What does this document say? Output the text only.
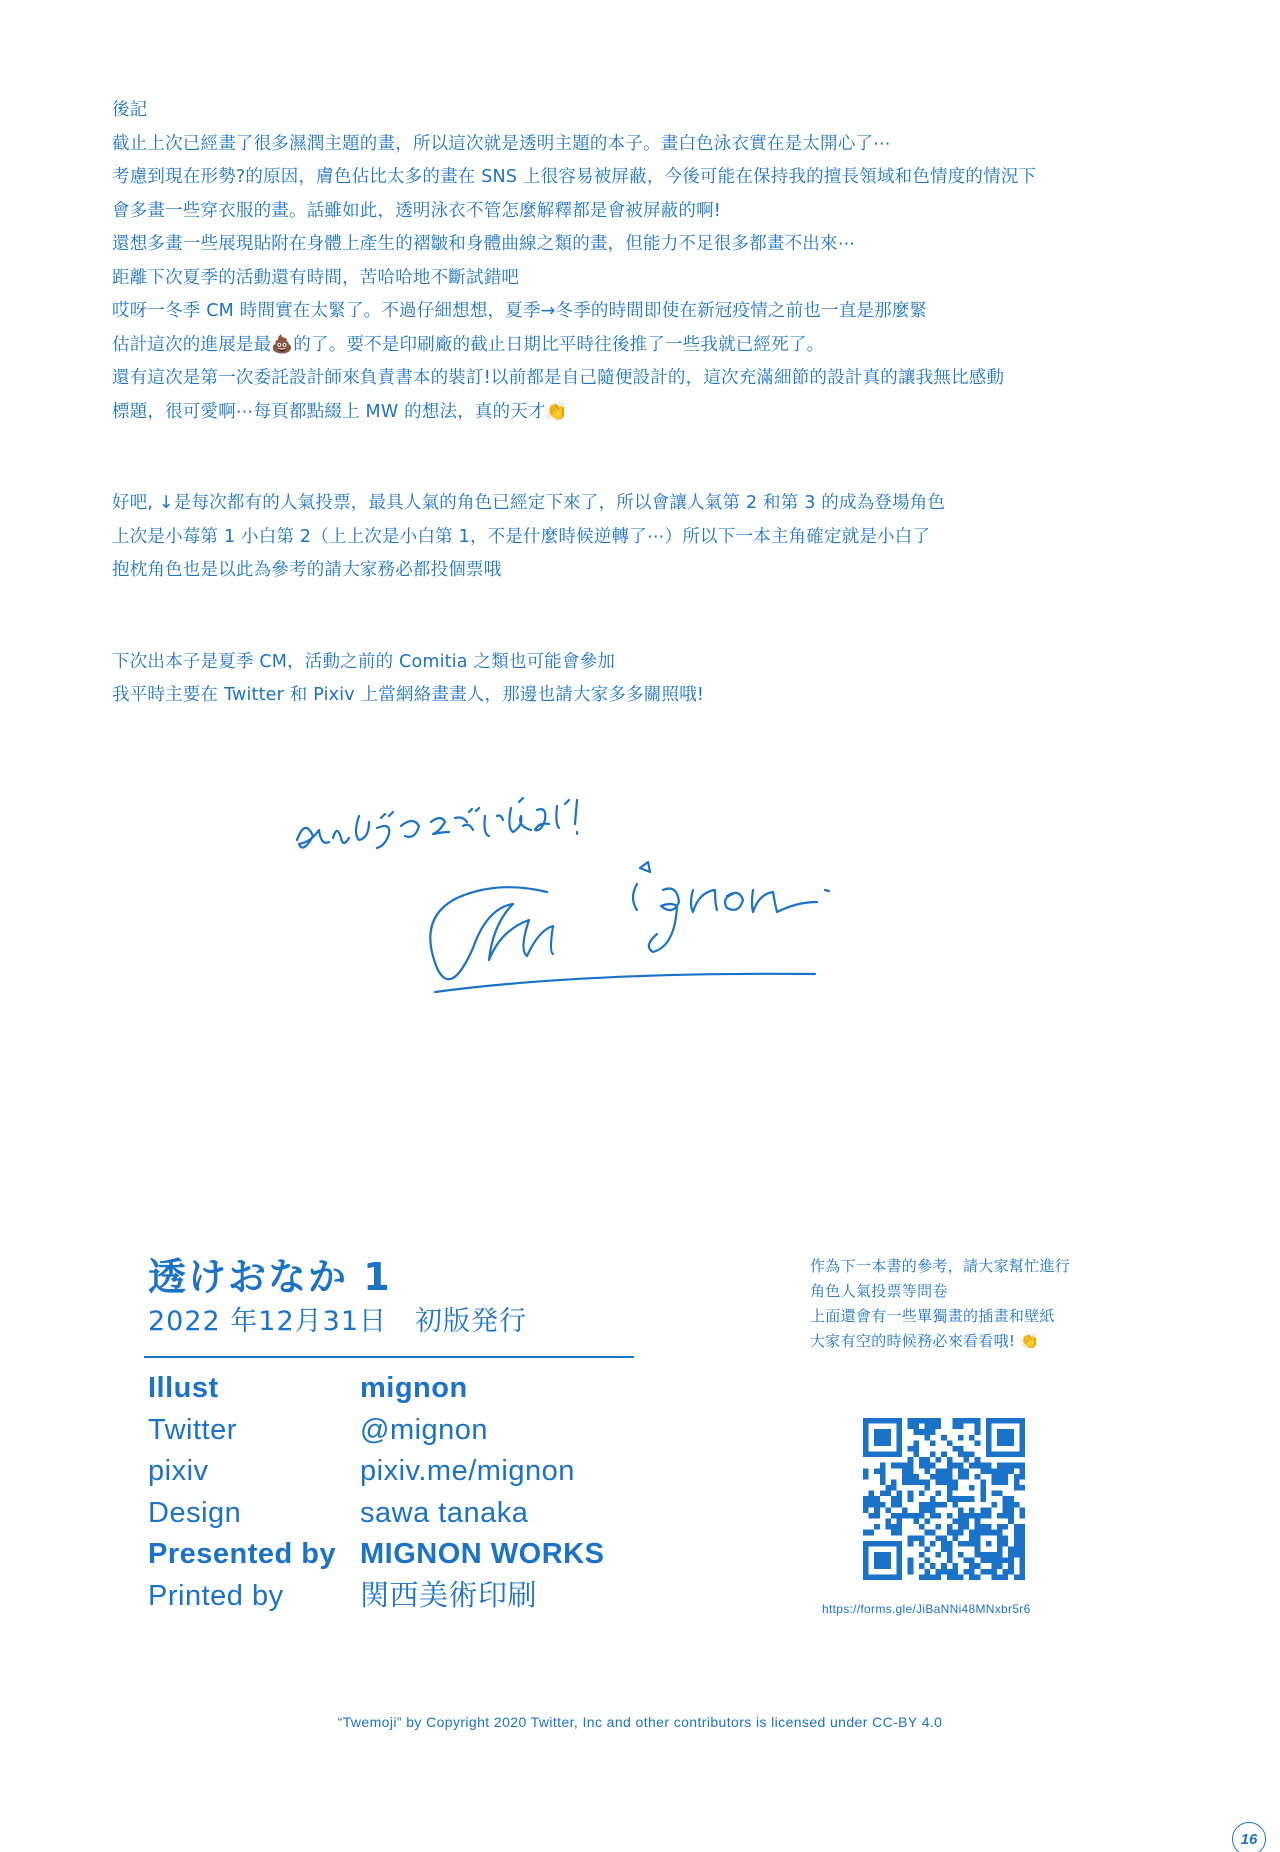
後記
截止上次已經畫了很多濕潤主題的畫，所以這次就是透明主題的本子。畫白色泳衣實在是太開心了⋯
考慮到現在形勢?的原因，膚色佔比太多的畫在 SNS 上很容易被屏蔽，今後可能在保持我的擅長領域和色情度的情況下
會多畫一些穿衣服的畫。話雖如此，透明泳衣不管怎麼解釋都是會被屏蔽的啊!
還想多畫一些展現貼附在身體上產生的褶皺和身體曲線之類的畫，但能力不足很多都畫不出來⋯
距離下次夏季的活動還有時間，苦哈哈地不斷試錯吧
哎呀一冬季 CM 時間實在太緊了。不過仔細想想，夏季→冬季的時間即使在新冠疫情之前也一直是那麼緊
估計這次的進展是最💩的了。要不是印刷廠的截止日期比平時往後推了一些我就已經死了。
還有這次是第一次委託設計師來負責書本的裝訂!以前都是自己隨便設計的，這次充滿細節的設計真的讓我無比感動
標題，很可愛啊⋯每頁都點綴上 MW 的想法，真的天才👏
好吧, ↓是每次都有的人氣投票，最具人氣的角色已經定下來了，所以會讓人氣第 2 和第 3 的成為登場角色
上次是小莓第 1 小白第 2（上上次是小白第 1，不是什麼時候逆轉了⋯）所以下一本主角確定就是小白了
抱枕角色也是以此為參考的請大家務必都投個票哦
下次出本子是夏季 CM，活動之前的 Comitia 之類也可能會參加
我平時主要在 Twitter 和 Pixiv 上當網絡畫畫人，那邊也請大家多多關照哦!
透けおなか 1
2022 年12月31日　初版発行
Illust	mignon
Twitter	@mignon
pixiv	pixiv.me/mignon
Design	sawa tanaka
Presented by MIGNON WORKS
Printed by	関西美術印刷
作為下一本書的參考，請大家幫忙進行
角色人氣投票等問卷
上面還會有一些單獨畫的插畫和壁紙
大家有空的時候務必來看看哦! 👏
https://forms.gle/JiBaNNi48MNxbr5r6
“Twemoji” by Copyright 2020 Twitter, Inc and other contributors is licensed under CC-BY 4.0
16
